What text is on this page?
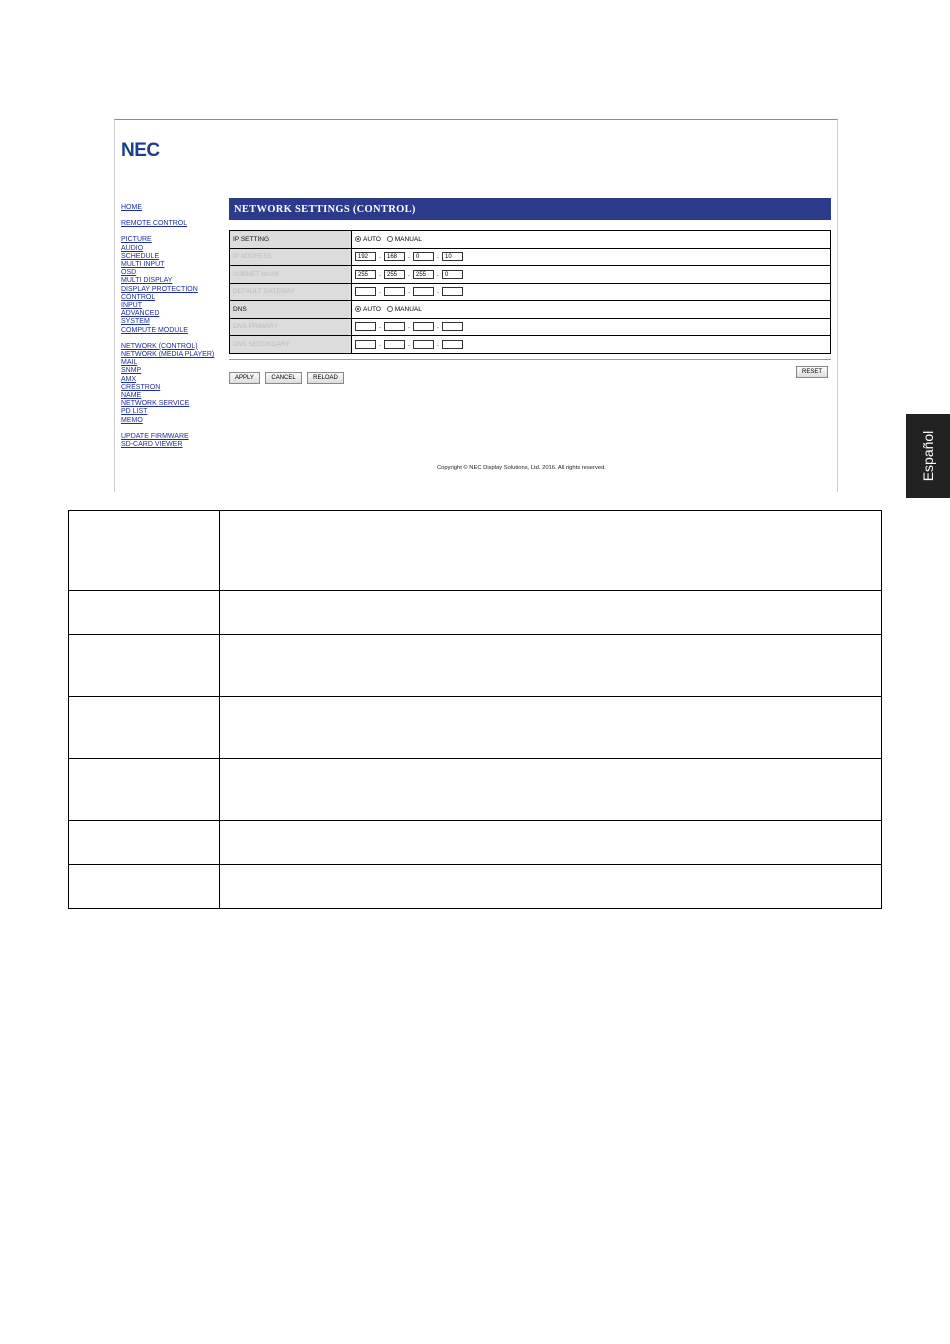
NEC
HOME
REMOTE CONTROL
PICTURE
AUDIO
SCHEDULE
MULTI INPUT
OSD
MULTI DISPLAY
DISPLAY PROTECTION
CONTROL
INPUT
ADVANCED
SYSTEM
COMPUTE MODULE
NETWORK (CONTROL)
NETWORK (MEDIA PLAYER)
MAIL
SNMP
AMX
CRESTRON
NAME
NETWORK SERVICE
PD LIST
MEMO
UPDATE FIRMWARE
SD-CARD VIEWER
NETWORK SETTINGS (CONTROL)
IP SETTING	AUTO MANUAL
IP ADDRESS	192 . 168 . 0 . 10
SUBNET MASK	255 . 255 . 255 . 0
DEFAULT GATEWAY	. . .
DNS	AUTO MANUAL
DNS PRIMARY	. . .
DNS SECONDARY	. . .
APPLY	CANCEL	RELOAD
RESET
Copyright © NEC Display Solutions, Ltd. 2016. All rights reserved.

		Español
